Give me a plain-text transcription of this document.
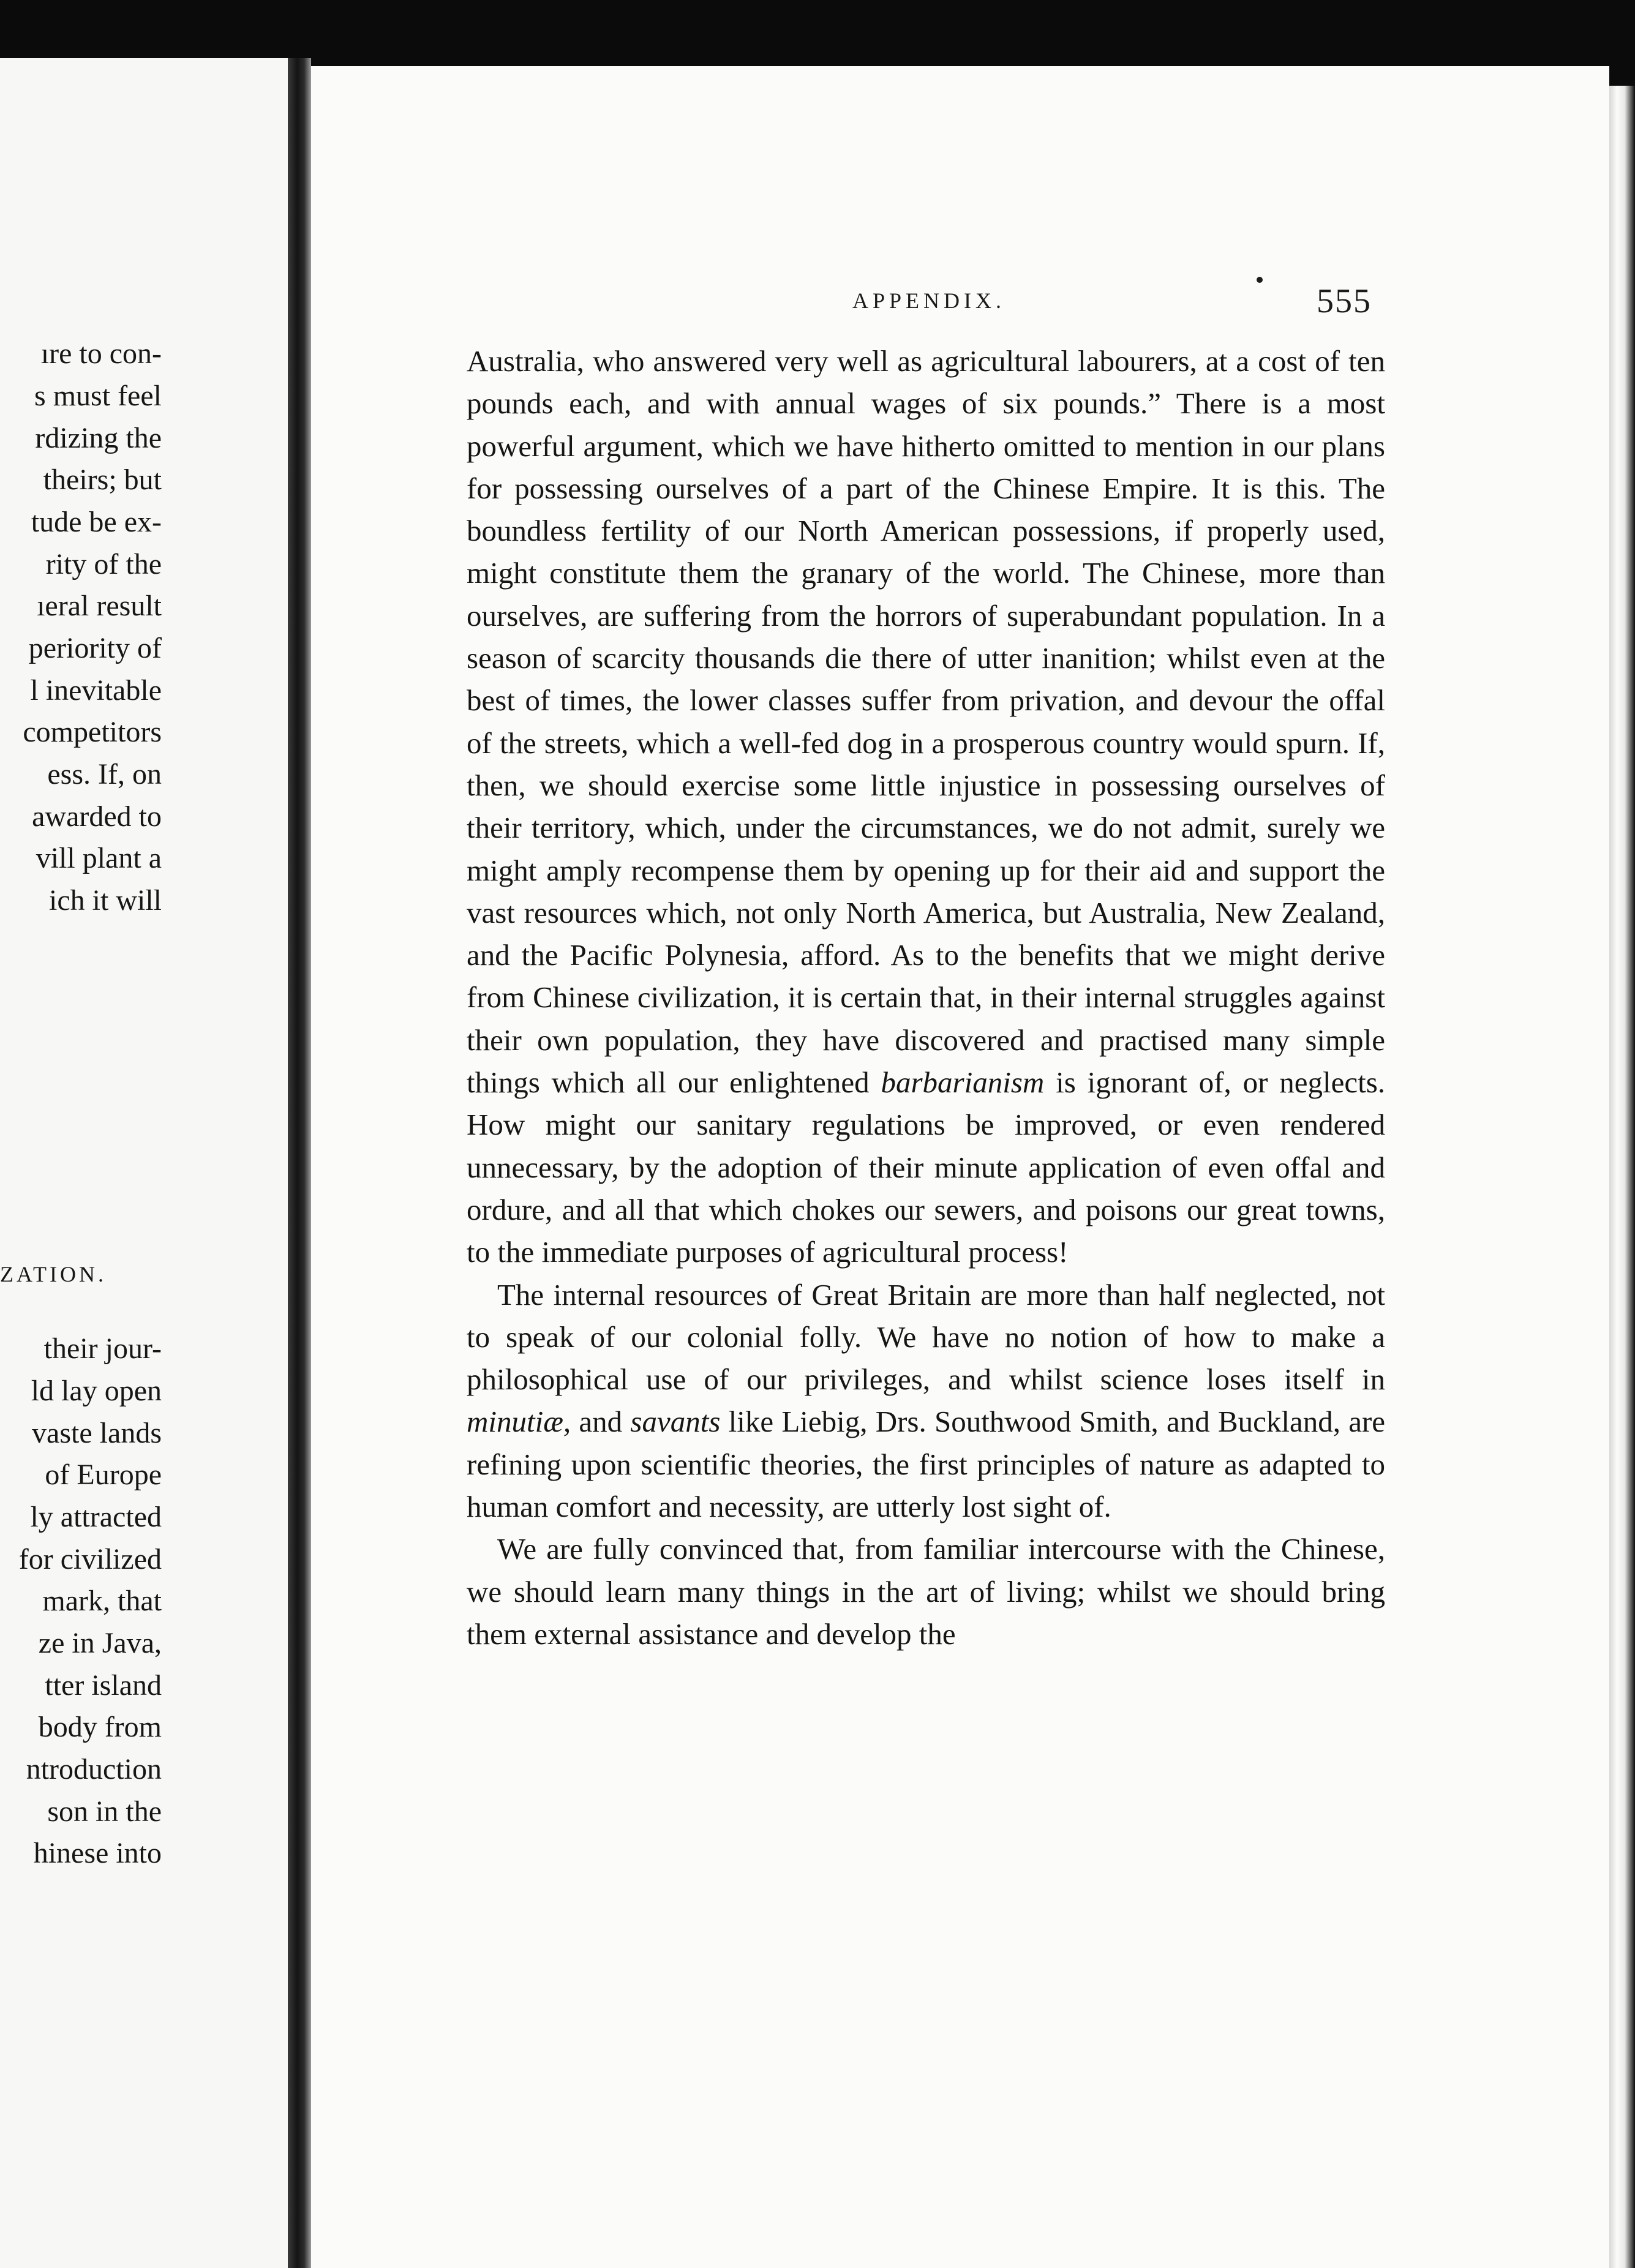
ıre to con-
s must feel
rdizing the
theirs; but
tude be ex-
rity of the
ıeral result
periority of
l inevitable
competitors
ess. If, on
awarded to
vill plant a
ich it will
ZATION.
their jour-
ld lay open
vaste lands
of Europe
ly attracted
for civilized
mark, that
ze in Java,
tter island
body from
ntroduction
son in the
hinese into
APPENDIX.	555

Australia, who answered very well as agricultural labourers, at a cost of ten pounds each, and with annual wages of six pounds.” There is a most powerful argument, which we have hitherto omitted to mention in our plans for possessing ourselves of a part of the Chinese Empire. It is this. The boundless fertility of our North American possessions, if properly used, might constitute them the granary of the world. The Chinese, more than ourselves, are suffering from the horrors of superabundant population. In a season of scarcity thousands die there of utter inanition; whilst even at the best of times, the lower classes suffer from privation, and devour the offal of the streets, which a well-fed dog in a prosperous country would spurn. If, then, we should exercise some little injustice in possessing ourselves of their territory, which, under the circumstances, we do not admit, surely we might amply recompense them by opening up for their aid and support the vast resources which, not only North America, but Australia, New Zealand, and the Pacific Polynesia, afford. As to the benefits that we might derive from Chinese civilization, it is certain that, in their internal struggles against their own population, they have discovered and practised many simple things which all our enlightened barbarianism is ignorant of, or neglects. How might our sanitary regulations be improved, or even rendered unnecessary, by the adoption of their minute application of even offal and ordure, and all that which chokes our sewers, and poisons our great towns, to the immediate purposes of agricultural process!

The internal resources of Great Britain are more than half neglected, not to speak of our colonial folly. We have no notion of how to make a philosophical use of our privileges, and whilst science loses itself in minutiæ, and savants like Liebig, Drs. Southwood Smith, and Buckland, are refining upon scientific theories, the first principles of nature as adapted to human comfort and necessity, are utterly lost sight of.

We are fully convinced that, from familiar intercourse with the Chinese, we should learn many things in the art of living; whilst we should bring them external assistance and develop the
